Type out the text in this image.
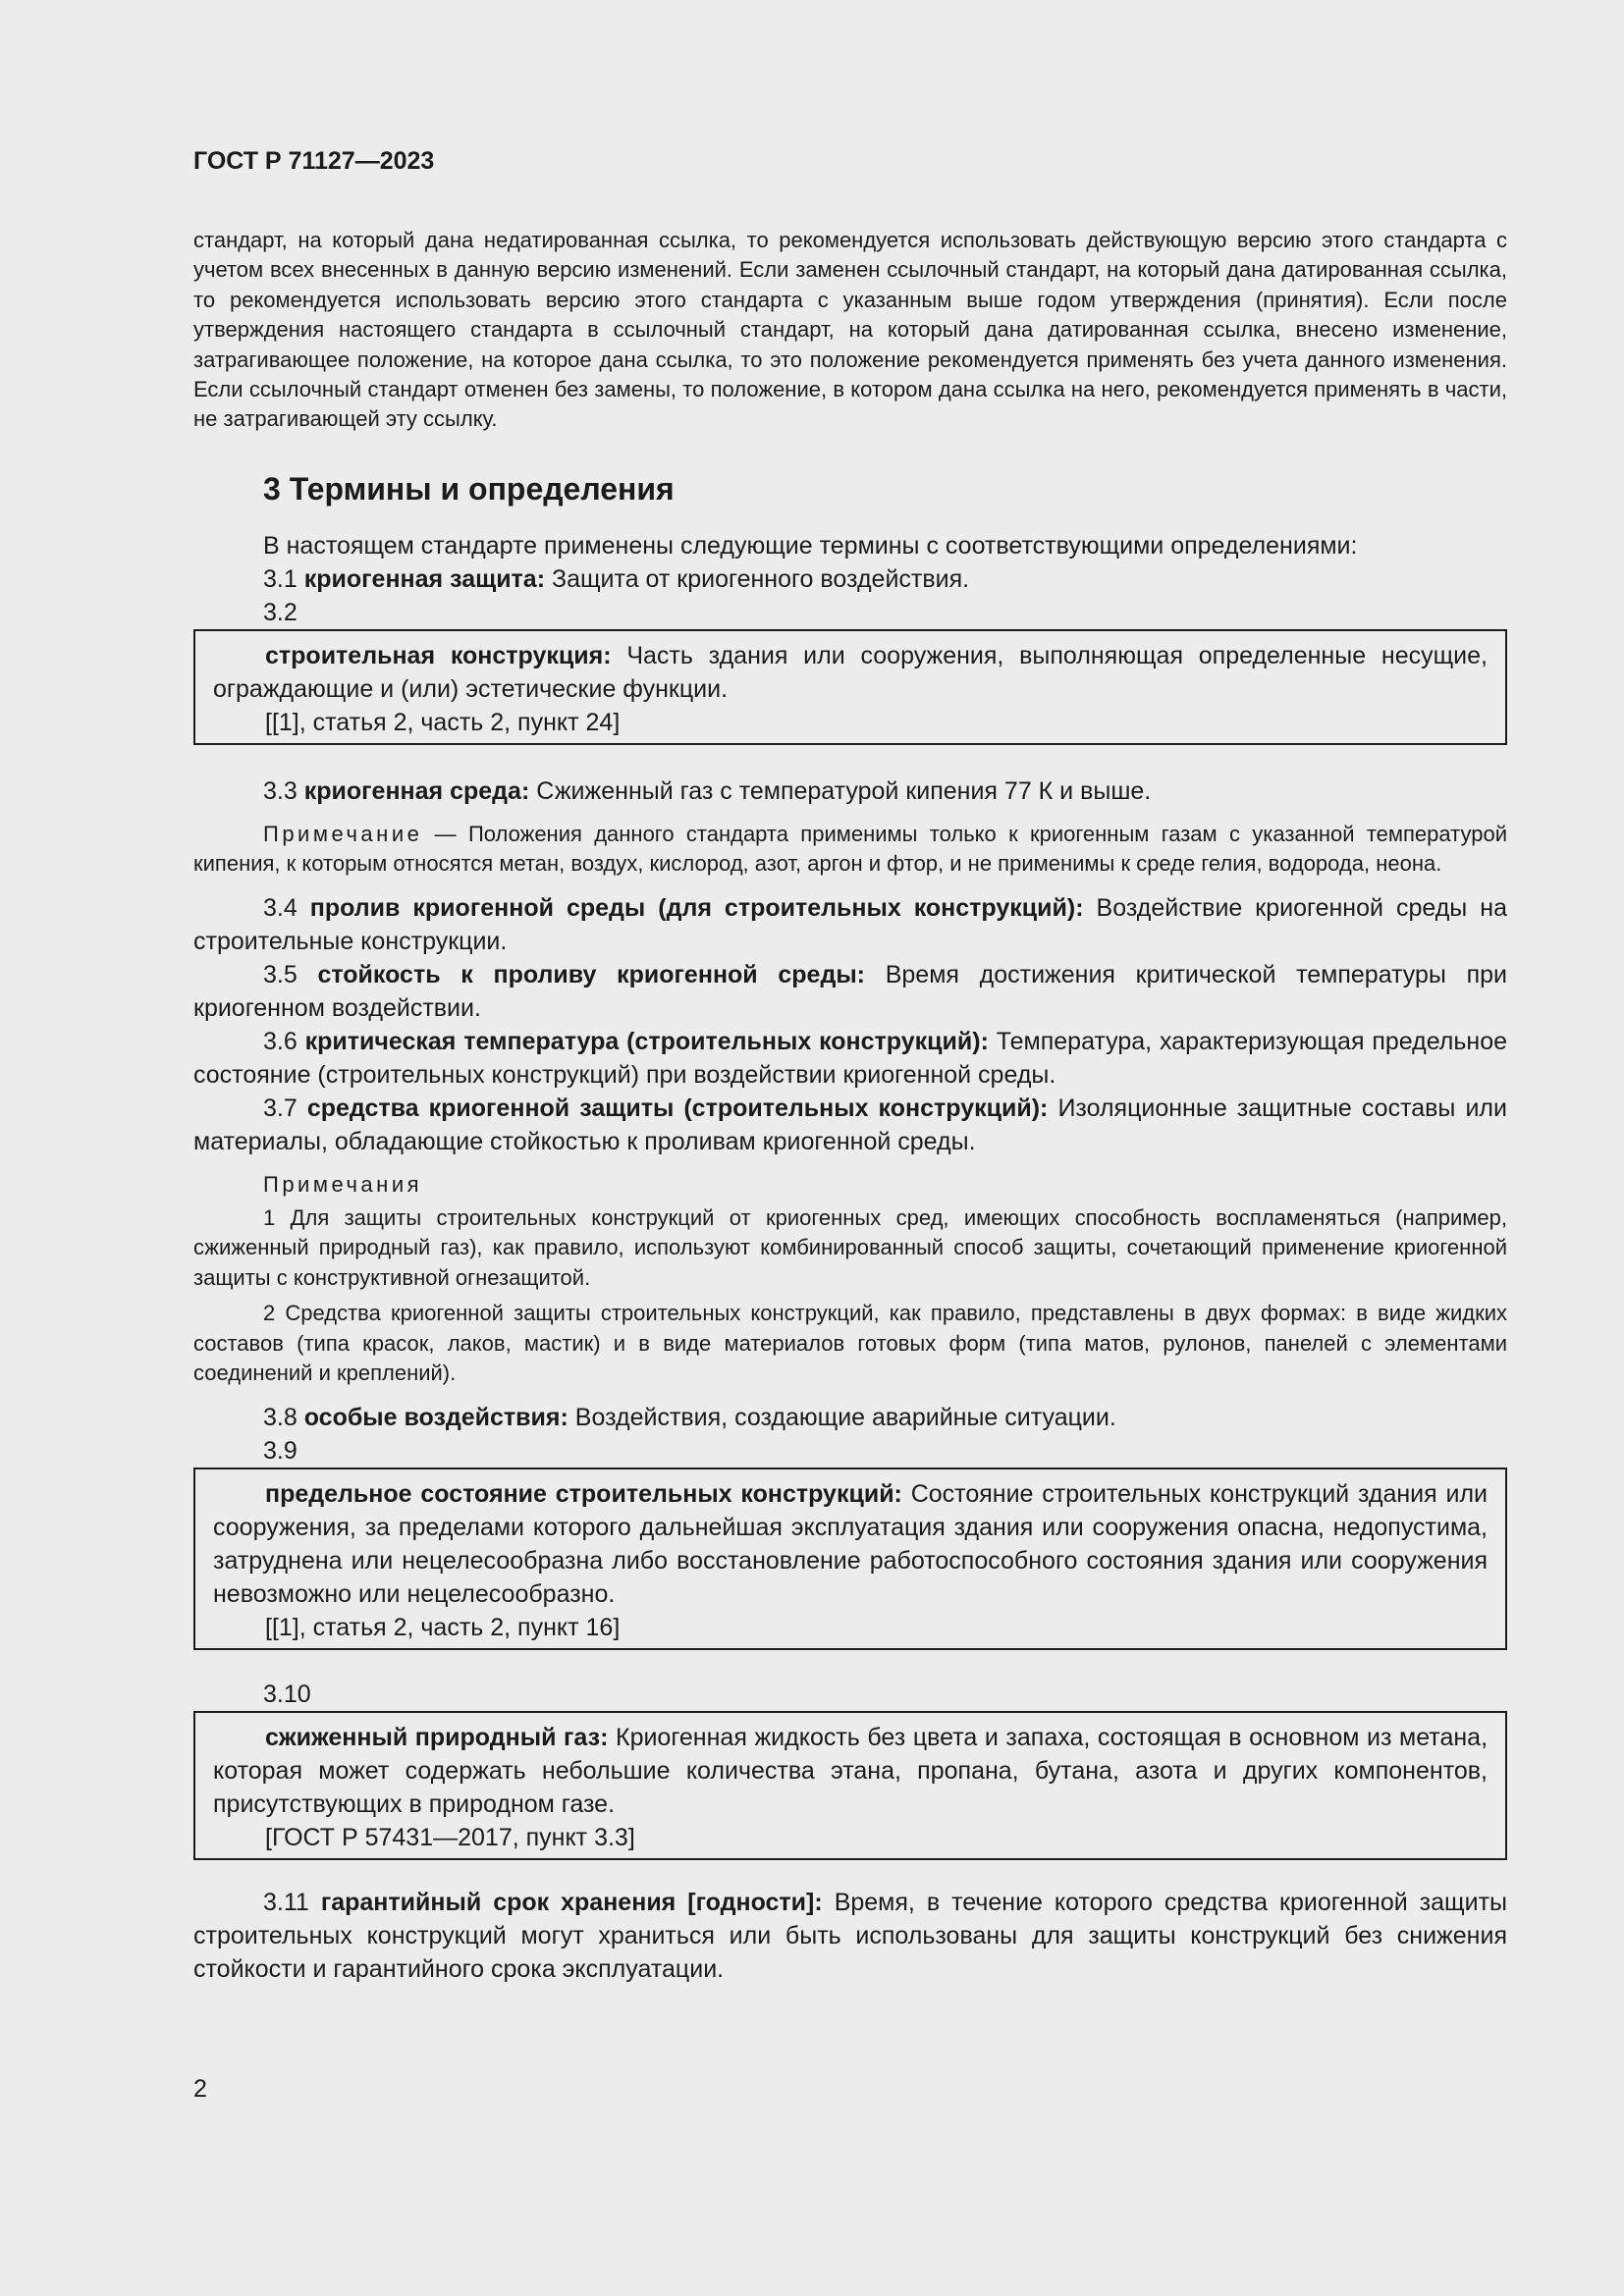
ГОСТ Р 71127—2023

стандарт, на который дана недатированная ссылка, то рекомендуется использовать действующую версию этого стандарта с учетом всех внесенных в данную версию изменений. Если заменен ссылочный стандарт, на который дана датированная ссылка, то рекомендуется использовать версию этого стандарта с указанным выше годом утверждения (принятия). Если после утверждения настоящего стандарта в ссылочный стандарт, на который дана датированная ссылка, внесено изменение, затрагивающее положение, на которое дана ссылка, то это положение рекомендуется применять без учета данного изменения. Если ссылочный стандарт отменен без замены, то положение, в котором дана ссылка на него, рекомендуется применять в части, не затрагивающей эту ссылку.

3 Термины и определения

В настоящем стандарте применены следующие термины с соответствующими определениями:

3.1 криогенная защита: Защита от криогенного воздействия.

3.2

строительная конструкция: Часть здания или сооружения, выполняющая определенные несущие, ограждающие и (или) эстетические функции.

[[1], статья 2, часть 2, пункт 24]

3.3 криогенная среда: Сжиженный газ с температурой кипения 77 К и выше.

Примечание — Положения данного стандарта применимы только к криогенным газам с указанной температурой кипения, к которым относятся метан, воздух, кислород, азот, аргон и фтор, и не применимы к среде гелия, водорода, неона.

3.4 пролив криогенной среды (для строительных конструкций): Воздействие криогенной среды на строительные конструкции.

3.5 стойкость к проливу криогенной среды: Время достижения критической температуры при криогенном воздействии.

3.6 критическая температура (строительных конструкций): Температура, характеризующая предельное состояние (строительных конструкций) при воздействии криогенной среды.

3.7 средства криогенной защиты (строительных конструкций): Изоляционные защитные составы или материалы, обладающие стойкостью к проливам криогенной среды.

Примечания

1 Для защиты строительных конструкций от криогенных сред, имеющих способность воспламеняться (например, сжиженный природный газ), как правило, используют комбинированный способ защиты, сочетающий применение криогенной защиты с конструктивной огнезащитой.

2 Средства криогенной защиты строительных конструкций, как правило, представлены в двух формах: в виде жидких составов (типа красок, лаков, мастик) и в виде материалов готовых форм (типа матов, рулонов, панелей с элементами соединений и креплений).

3.8 особые воздействия: Воздействия, создающие аварийные ситуации.

3.9

предельное состояние строительных конструкций: Состояние строительных конструкций здания или сооружения, за пределами которого дальнейшая эксплуатация здания или сооружения опасна, недопустима, затруднена или нецелесообразна либо восстановление работоспособного состояния здания или сооружения невозможно или нецелесообразно.

[[1], статья 2, часть 2, пункт 16]

3.10

сжиженный природный газ: Криогенная жидкость без цвета и запаха, состоящая в основном из метана, которая может содержать небольшие количества этана, пропана, бутана, азота и других компонентов, присутствующих в природном газе.

[ГОСТ Р 57431—2017, пункт 3.3]

3.11 гарантийный срок хранения [годности]: Время, в течение которого средства криогенной защиты строительных конструкций могут храниться или быть использованы для защиты конструкций без снижения стойкости и гарантийного срока эксплуатации.

2
